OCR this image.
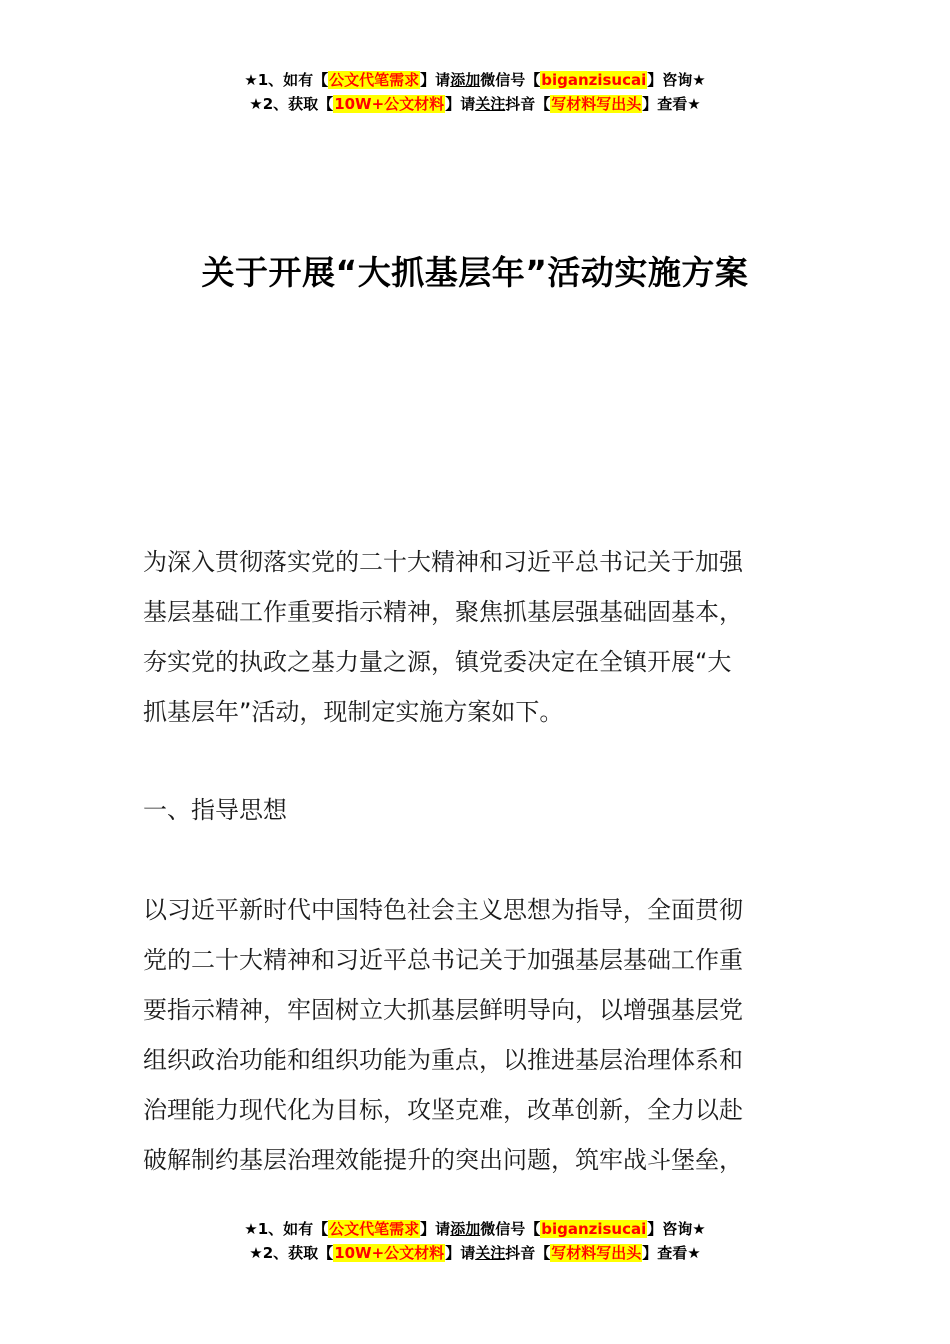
★1、如有【公文代笔需求】请添加微信号【biganzisucai】咨询★
★2、获取【10W+公文材料】请关注抖音【写材料写出头】查看★
关于开展“大抓基层年”活动实施方案
为深入贯彻落实党的二十大精神和习近平总书记关于加强
基层基础工作重要指示精神，聚焦抓基层强基础固基本，
夯实党的执政之基力量之源，镇党委决定在全镇开展“大
抓基层年”活动，现制定实施方案如下。
一、指导思想
以习近平新时代中国特色社会主义思想为指导，全面贯彻
党的二十大精神和习近平总书记关于加强基层基础工作重
要指示精神，牢固树立大抓基层鲜明导向，以增强基层党
组织政治功能和组织功能为重点，以推进基层治理体系和
治理能力现代化为目标，攻坚克难，改革创新，全力以赴
破解制约基层治理效能提升的突出问题，筑牢战斗堡垒，
★1、如有【公文代笔需求】请添加微信号【biganzisucai】咨询★
★2、获取【10W+公文材料】请关注抖音【写材料写出头】查看★
